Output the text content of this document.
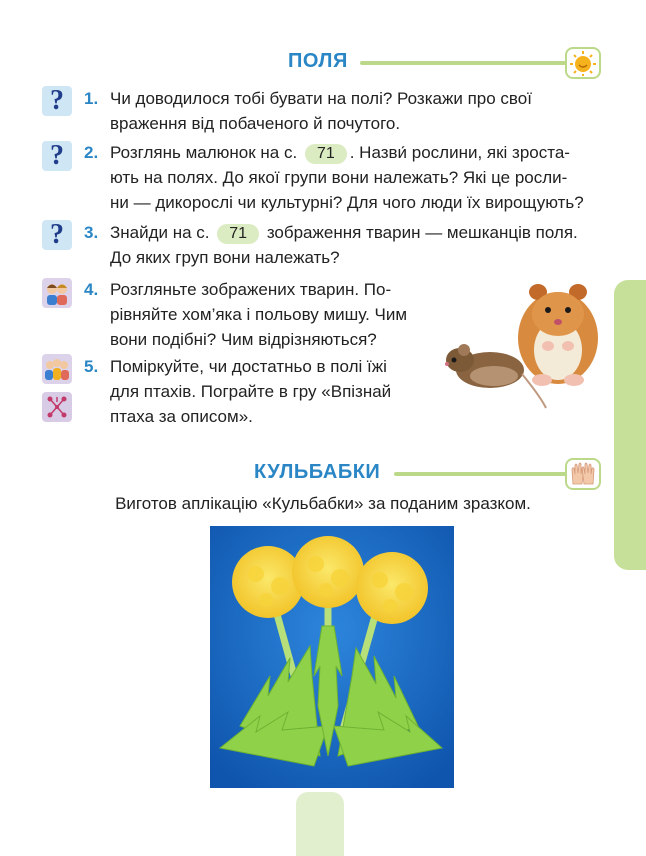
ПОЛЯ
?	1. Чи доводилося тобі бувати на полі? Розкажи про свої
враження від побаченого й почутого.
?	2. Розглянь малюнок на с. 71 . Назви́ рослини, які зроста-
ють на полях. До якої групи вони належать? Які це росли-
ни — дикорослі чи культурні? Для чого люди їх вирощують?
?	3. Знайди на с. 71 зображення тварин — мешканців поля.
До яких груп вони належать?
4. Розгляньте зображених тварин. По-
рівняйте хом’яка і польову мишу. Чим
вони подібні? Чим відрізняються?
5. Поміркуйте, чи достатньо в полі їжі
для птахів. Пограйте в гру «Впізнай
птаха за описом».
КУЛЬБАБКИ
Виготов аплікацію «Кульбабки» за поданим зразком.
